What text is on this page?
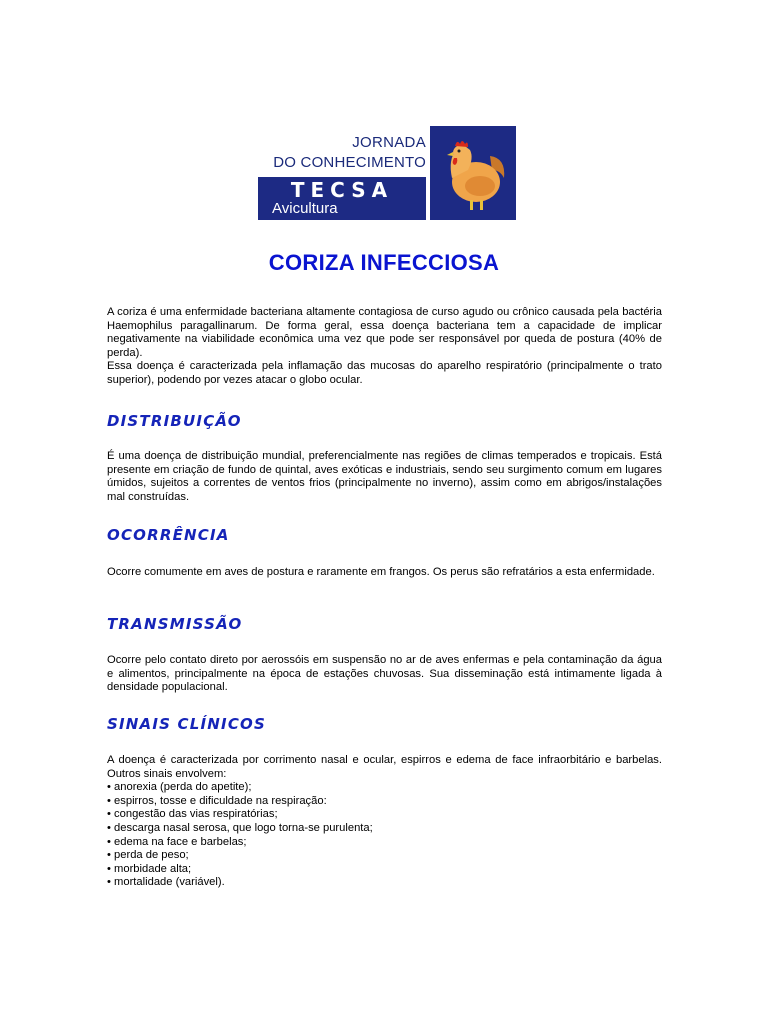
JORNADA
DO CONHECIMENTO
TECSA
Avicultura
CORIZA INFECCIOSA

A coriza é uma enfermidade bacteriana altamente contagiosa de curso agudo ou crônico causada pela bactéria Haemophilus paragallinarum. De forma geral, essa doença bacteriana tem a capacidade de implicar negativamente na viabilidade econômica uma vez que pode ser responsável por queda de postura (40% de perda).

Essa doença é caracterizada pela inflamação das mucosas do aparelho respiratório (principalmente o trato superior), podendo por vezes atacar o globo ocular.

DISTRIBUIÇÃO

É uma doença de distribuição mundial, preferencialmente nas regiões de climas temperados e tropicais. Está presente em criação de fundo de quintal, aves exóticas e industriais, sendo seu surgimento comum em lugares úmidos, sujeitos a correntes de ventos frios (principalmente no inverno), assim como em abrigos/instalações mal construídas.

OCORRÊNCIA

Ocorre comumente em aves de postura e raramente em frangos. Os perus são refratários a esta enfermidade.

TRANSMISSÃO

Ocorre pelo contato direto por aerossóis em suspensão no ar de aves enfermas e pela contaminação da água e alimentos, principalmente na época de estações chuvosas. Sua disseminação está intimamente ligada à densidade populacional.

SINAIS CLÍNICOS

A doença é caracterizada por corrimento nasal e ocular, espirros e edema de face infraorbitário e barbelas. Outros sinais envolvem:

• anorexia (perda do apetite);
• espirros, tosse e dificuldade na respiração:
• congestão das vias respiratórias;
• descarga nasal serosa, que logo torna-se purulenta;
• edema na face e barbelas;
• perda de peso;
• morbidade alta;
• mortalidade (variável).
